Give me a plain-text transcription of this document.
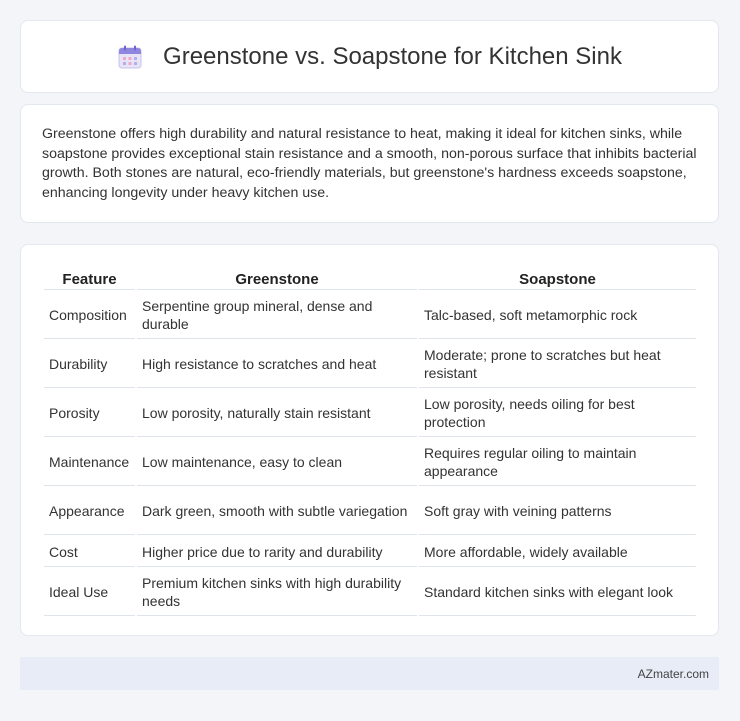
Greenstone vs. Soapstone for Kitchen Sink

Greenstone offers high durability and natural resistance to heat, making it ideal for kitchen sinks, while soapstone provides exceptional stain resistance and a smooth, non-porous surface that inhibits bacterial growth. Both stones are natural, eco-friendly materials, but greenstone's hardness exceeds soapstone, enhancing longevity under heavy kitchen use.

Feature	Greenstone	Soapstone
Composition	Serpentine group mineral, dense and durable	Talc-based, soft metamorphic rock
Durability	High resistance to scratches and heat	Moderate; prone to scratches but heat resistant
Porosity	Low porosity, naturally stain resistant	Low porosity, needs oiling for best protection
Maintenance	Low maintenance, easy to clean	Requires regular oiling to maintain appearance
Appearance	Dark green, smooth with subtle variegation	Soft gray with veining patterns
Cost	Higher price due to rarity and durability	More affordable, widely available
Ideal Use	Premium kitchen sinks with high durability needs	Standard kitchen sinks with elegant look
AZmater.com
